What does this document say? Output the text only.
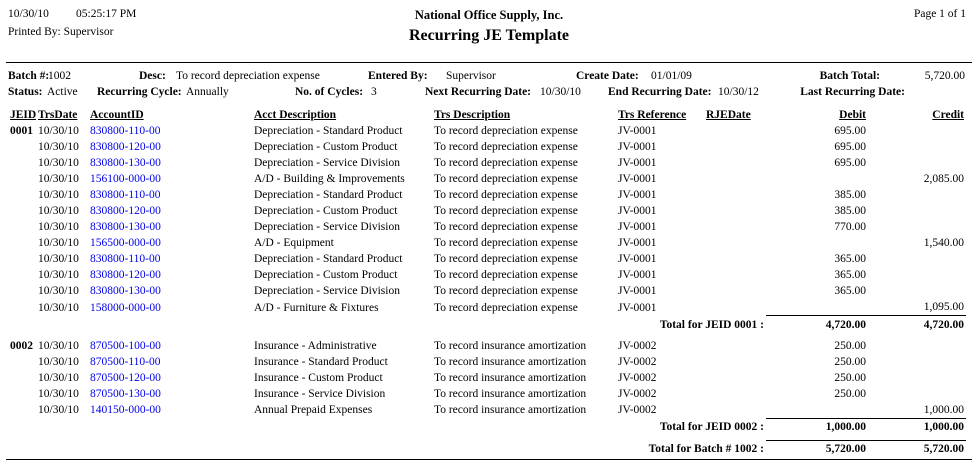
10/30/10 05:25:17 PM
Printed By: Supervisor
National Office Supply, Inc.
Recurring JE Template
Page 1 of 1
Batch #:
1002	Desc: To record depreciation expense	Entered By: Supervisor	Create Date: 01/01/09	Batch Total:	5,720.00
Status: Active Recurring Cycle: Annually	No. of Cycles: 3	Next Recurring Date: 10/30/10 End Recurring Date: 10/30/12	Last Recurring Date:
JEID	TrsDate	AccountID	Acct Description	Trs Description	Trs Reference	RJEDate	Debit	Credit
0001	10/30/10	830800-110-00	Depreciation - Standard Product	To record depreciation expense	JV-0001		695.00	
	10/30/10	830800-120-00	Depreciation - Custom Product	To record depreciation expense	JV-0001		695.00	
	10/30/10	830800-130-00	Depreciation - Service Division	To record depreciation expense	JV-0001		695.00	
	10/30/10	156100-000-00	A/D - Building & Improvements	To record depreciation expense	JV-0001			2,085.00
	10/30/10	830800-110-00	Depreciation - Standard Product	To record depreciation expense	JV-0001		385.00	
	10/30/10	830800-120-00	Depreciation - Custom Product	To record depreciation expense	JV-0001		385.00	
	10/30/10	830800-130-00	Depreciation - Service Division	To record depreciation expense	JV-0001		770.00	
	10/30/10	156500-000-00	A/D - Equipment	To record depreciation expense	JV-0001			1,540.00
	10/30/10	830800-110-00	Depreciation - Standard Product	To record depreciation expense	JV-0001		365.00	
	10/30/10	830800-120-00	Depreciation - Custom Product	To record depreciation expense	JV-0001		365.00	
	10/30/10	830800-130-00	Depreciation - Service Division	To record depreciation expense	JV-0001		365.00	
	10/30/10	158000-000-00	A/D - Furniture & Fixtures	To record depreciation expense	JV-0001			1,095.00
Total for JEID 0001 :							4,720.00	4,720.00

0002	10/30/10	870500-100-00	Insurance - Administrative	To record insurance amortization	JV-0002		250.00	
	10/30/10	870500-110-00	Insurance - Standard Product	To record insurance amortization	JV-0002		250.00	
	10/30/10	870500-120-00	Insurance - Custom Product	To record insurance amortization	JV-0002		250.00	
	10/30/10	870500-130-00	Insurance - Service Division	To record insurance amortization	JV-0002		250.00	
	10/30/10	140150-000-00	Annual Prepaid Expenses	To record insurance amortization	JV-0002			1,000.00
Total for JEID 0002 :							1,000.00	1,000.00

Total for Batch # 1002 :							5,720.00	5,720.00
